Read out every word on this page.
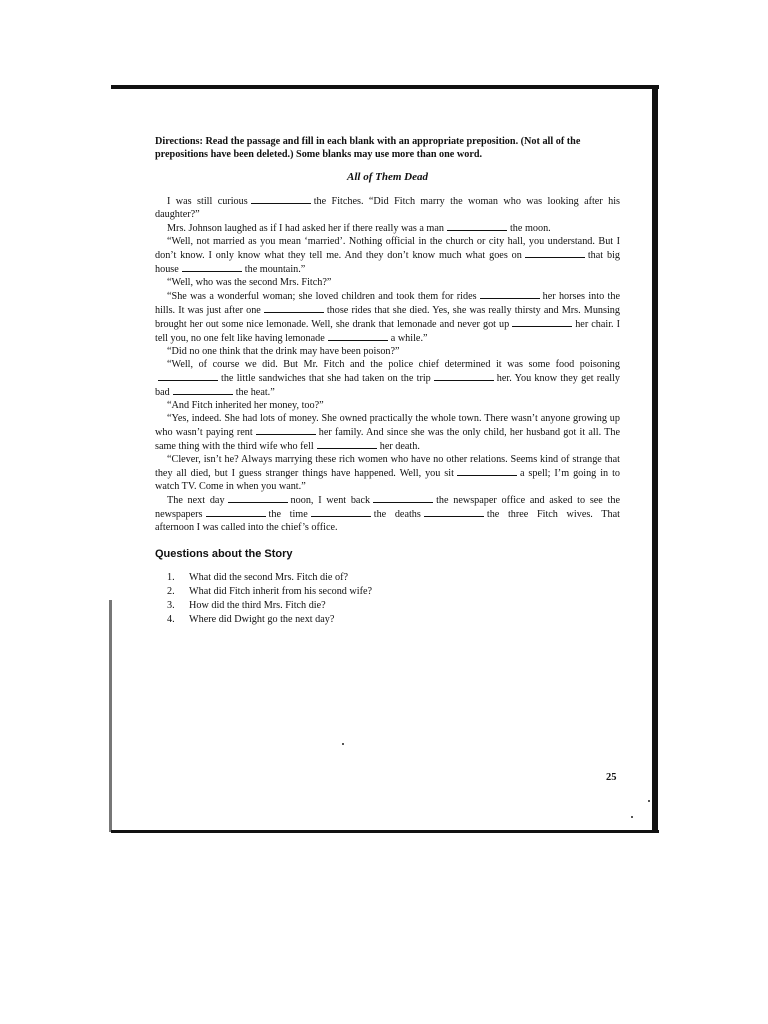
Directions: Read the passage and fill in each blank with an appropriate preposition. (Not all of the prepositions have been deleted.) Some blanks may use more than one word.

All of Them Dead

I was still curious	the Fitches. “Did Fitch marry the woman who was looking after his daughter?”

Mrs. Johnson laughed as if I had asked her if there really was a man	the moon.

“Well, not married as you mean ‘married’. Nothing official in the church or city hall, you understand. But I don’t know. I only know what they tell me. And they don’t know much what goes on	that big house	the mountain.”

“Well, who was the second Mrs. Fitch?”

“She was a wonderful woman; she loved children and took them for rides	her horses into the hills. It was just after one	those rides that she died. Yes, she was really thirsty and Mrs. Munsing brought her out some nice lemonade. Well, she drank that lemonade and never got up	her chair. I tell you, no one felt like having lemonade	a while.”

“Did no one think that the drink may have been poison?”

“Well, of course we did. But Mr. Fitch and the police chief determined it was some food poisoningthe little sandwiches that she had taken on the trip	her. You know they get really bad	the heat.”

“And Fitch inherited her money, too?”

“Yes, indeed. She had lots of money. She owned practically the whole town. There wasn’t anyone growing up who wasn’t paying rent	her family. And since she was the only child, her husband got it all. The same thing with the third wife who fell	her death.

“Clever, isn’t he? Always marrying these rich women who have no other relations. Seems kind of strange that they all died, but I guess stranger things have happened. Well, you sit	a spell; I’m going in to watch TV. Come in when you want.”

The next day	noon, I went back	the newspaper office and asked to see the newspapers	the time	the deaths	the three Fitch wives. That afternoon I was called into the chief’s office.

Questions about the Story
1.	What did the second Mrs. Fitch die of?
2.	What did Fitch inherit from his second wife?
3.	How did the third Mrs. Fitch die?
4.	Where did Dwight go the next day?
25
